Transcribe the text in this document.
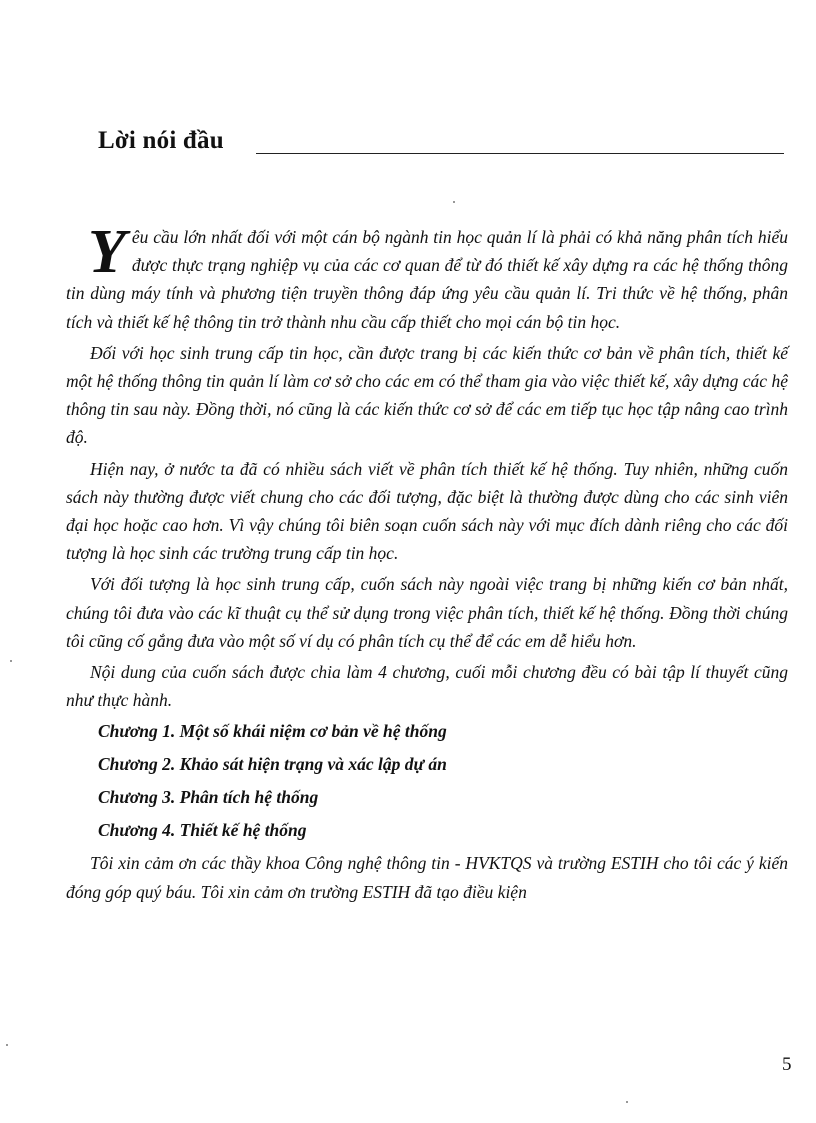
Lời nói đầu

Yêu cầu lớn nhất đối với một cán bộ ngành tin học quản lí là phải có khả năng phân tích hiểu được thực trạng nghiệp vụ của các cơ quan để từ đó thiết kế xây dựng ra các hệ thống thông tin dùng máy tính và phương tiện truyền thông đáp ứng yêu cầu quản lí. Tri thức về hệ thống, phân tích và thiết kế hệ thông tin trở thành nhu cầu cấp thiết cho mọi cán bộ tin học.

Đối với học sinh trung cấp tin học, cần được trang bị các kiến thức cơ bản về phân tích, thiết kế một hệ thống thông tin quản lí làm cơ sở cho các em có thể tham gia vào việc thiết kế, xây dựng các hệ thông tin sau này. Đồng thời, nó cũng là các kiến thức cơ sở để các em tiếp tục học tập nâng cao trình độ.

Hiện nay, ở nước ta đã có nhiều sách viết về phân tích thiết kế hệ thống. Tuy nhiên, những cuốn sách này thường được viết chung cho các đối tượng, đặc biệt là thường được dùng cho các sinh viên đại học hoặc cao hơn. Vì vậy chúng tôi biên soạn cuốn sách này với mục đích dành riêng cho các đối tượng là học sinh các trường trung cấp tin học.

Với đối tượng là học sinh trung cấp, cuốn sách này ngoài việc trang bị những kiến cơ bản nhất, chúng tôi đưa vào các kĩ thuật cụ thể sử dụng trong việc phân tích, thiết kế hệ thống. Đồng thời chúng tôi cũng cố gắng đưa vào một số ví dụ có phân tích cụ thể để các em dễ hiểu hơn.

Nội dung của cuốn sách được chia làm 4 chương, cuối mỗi chương đều có bài tập lí thuyết cũng như thực hành.

Chương 1. Một số khái niệm cơ bản về hệ thống
Chương 2. Khảo sát hiện trạng và xác lập dự án
Chương 3. Phân tích hệ thống
Chương 4. Thiết kế hệ thống

Tôi xin cảm ơn các thầy khoa Công nghệ thông tin - HVKTQS và trường ESTIH cho tôi các ý kiến đóng góp quý báu. Tôi xin cảm ơn trường ESTIH đã tạo điều kiện

5
